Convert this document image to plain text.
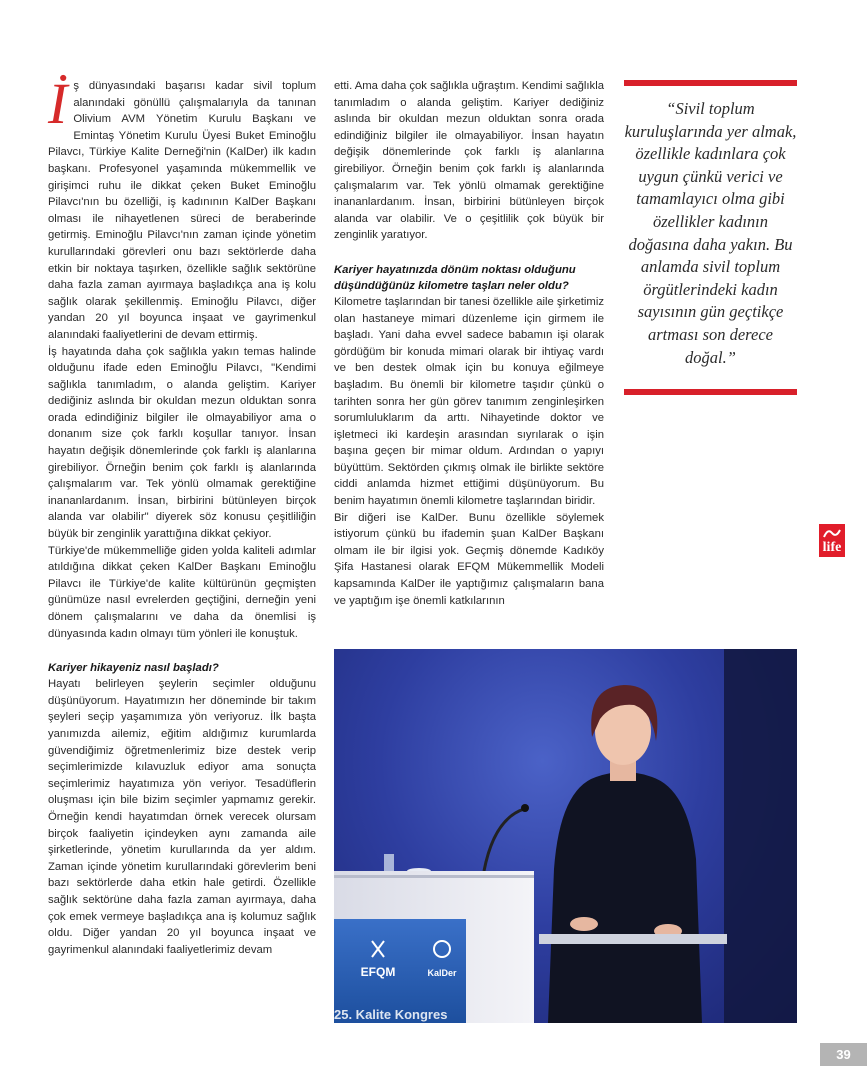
İş dünyasındaki başarısı kadar sivil toplum alanındaki gönüllü çalışmalarıyla da tanınan Olivium AVM Yönetim Kurulu Başkanı ve Emintaş Yönetim Kurulu Üyesi Buket Eminoğlu Pilavcı, Türkiye Kalite Derneği'nin (KalDer) ilk kadın başkanı. Profesyonel yaşamında mükemmellik ve girişimci ruhu ile dikkat çeken Buket Eminoğlu Pilavcı'nın bu özelliği, iş kadınının KalDer Başkanı olması ile nihayetlenen süreci de beraberinde getirmiş. Eminoğlu Pilavcı'nın zaman içinde yönetim kurullarındaki görevleri onu bazı sektörlerde daha etkin bir noktaya taşırken, özellikle sağlık sektörüne daha fazla zaman ayırmaya başladıkça ana iş kolu sağlık olarak şekillenmiş. Eminoğlu Pilavcı, diğer yandan 20 yıl boyunca inşaat ve gayrimenkul alanındaki faaliyetlerini de devam ettirmiş.

İş hayatında daha çok sağlıkla yakın temas halinde olduğunu ifade eden Eminoğlu Pilavcı, "Kendimi sağlıkla tanımladım, o alanda geliştim. Kariyer dediğiniz aslında bir okuldan mezun olduktan sonra orada edindiğiniz bilgiler ile olmayabiliyor ama o donanım size çok farklı koşullar tanıyor. İnsan hayatın değişik dönemlerinde çok farklı iş alanlarına girebiliyor. Örneğin benim çok farklı iş alanlarında çalışmalarım var. Tek yönlü olmamak gerektiğine inananlardanım. İnsan, birbirini bütünleyen birçok alanda var olabilir" diyerek söz konusu çeşitliliğin büyük bir zenginlik yarattığına dikkat çekiyor.

Türkiye'de mükemmelliğe giden yolda kaliteli adımlar atıldığına dikkat çeken KalDer Başkanı Eminoğlu Pilavcı ile Türkiye'de kalite kültürünün geçmişten günümüze nasıl evrelerden geçtiğini, derneğin yeni dönem çalışmalarını ve daha da önemlisi iş dünyasında kadın olmayı tüm yönleri ile konuştuk.

Kariyer hikayeniz nasıl başladı?

Hayatı belirleyen şeylerin seçimler olduğunu düşünüyorum. Hayatımızın her döneminde bir takım şeyleri seçip yaşamımıza yön veriyoruz. İlk başta yanımızda ailemiz, eğitim aldığımız kurumlarda güvendiğimiz öğretmenlerimiz bize destek verip seçimlerimizde kılavuzluk ediyor ama sonuçta seçimlerimiz hayatımıza yön veriyor. Tesadüflerin oluşması için bile bizim seçimler yapmamız gerekir. Örneğin kendi hayatımdan örnek verecek olursam birçok faaliyetin içindeyken aynı zamanda aile şirketlerinde, yönetim kurullarında da yer aldım. Zaman içinde yönetim kurullarındaki görevlerim beni bazı sektörlerde daha etkin hale getirdi. Özellikle sağlık sektörüne daha fazla zaman ayırmaya, daha çok emek vermeye başladıkça ana iş kolumuz sağlık oldu. Diğer yandan 20 yıl boyunca inşaat ve gayrimenkul alanındaki faaliyetlerimiz devam

etti. Ama daha çok sağlıkla uğraştım. Kendimi sağlıkla tanımladım o alanda geliştim. Kariyer dediğiniz aslında bir okuldan mezun olduktan sonra orada edindiğiniz bilgiler ile olmayabiliyor. İnsan hayatın değişik dönemlerinde çok farklı iş alanlarına girebiliyor. Örneğin benim çok farklı iş alanlarında çalışmalarım var. Tek yönlü olmamak gerektiğine inananlardanım. İnsan, birbirini bütünleyen birçok alanda var olabilir. Ve o çeşitlilik çok büyük bir zenginlik yaratıyor.

Kariyer hayatınızda dönüm noktası olduğunu düşündüğünüz kilometre taşları neler oldu?

Kilometre taşlarından bir tanesi özellikle aile şirketimiz olan hastaneye mimari düzenleme için girmem ile başladı. Yani daha evvel sadece babamın işi olarak gördüğüm bir konuda mimari olarak bir ihtiyaç vardı ve ben destek olmak için bu konuya eğilmeye başladım. Bu önemli bir kilometre taşıdır çünkü o tarihten sonra her gün görev tanımım zenginleşirken sorumluluklarım da arttı. Nihayetinde doktor ve işletmeci iki kardeşin arasından sıyrılarak o işin başına geçen bir mimar oldum. Ardından o yapıyı büyüttüm. Sektörden çıkmış olmak ile birlikte sektöre ciddi anlamda hizmet ettiğimi düşünüyorum. Bu benim hayatımın önemli kilometre taşlarından biridir.

Bir diğeri ise KalDer. Bunu özellikle söylemek istiyorum çünkü bu ifademin şuan KalDer Başkanı olmam ile bir ilgisi yok. Geçmiş dönemde Kadıköy Şifa Hastanesi olarak EFQM Mükemmellik Modeli kapsamında KalDer ile yaptığımız çalışmaların bana ve yaptığım işe önemli katkılarının

“Sivil toplum kuruluşlarında yer almak, özellikle kadınlara çok uygun çünkü verici ve tamamlayıcı olma gibi özellikler kadının doğasına daha yakın. Bu anlamda sivil toplum örgütlerindeki kadın sayısının gün geçtikçe artması son derece doğal.”
life
EFQM	KalDer
25. Kalite Kongres
39
